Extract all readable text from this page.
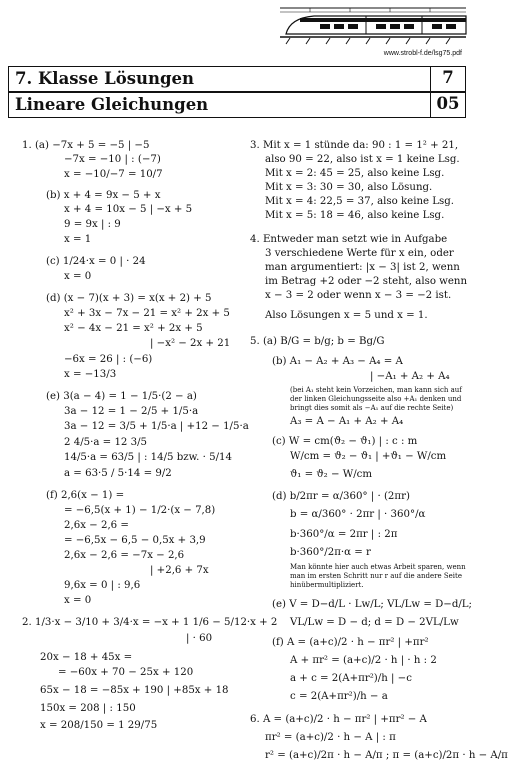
www.strobl-f.de/lsg75.pdf
7. Klasse Lösungen	7
Lineare Gleichungen	05
1. (a) −7x + 5 = −5 | −5
−7x = −10 | : (−7)
x = −10/−7 = 10/7
(b) x + 4 = 9x − 5 + x
x + 4 = 10x − 5 | −x + 5
9 = 9x | : 9
x = 1
(c) 1/24·x = 0 | · 24
x = 0
(d) (x − 7)(x + 3) = x(x + 2) + 5
x² + 3x − 7x − 21 = x² + 2x + 5
x² − 4x − 21 = x² + 2x + 5
| −x² − 2x + 21
−6x = 26 | : (−6)
x = −13/3
(e) 3(a − 4) = 1 − 1/5·(2 − a)
3a − 12 = 1 − 2/5 + 1/5·a
3a − 12 = 3/5 + 1/5·a | +12 − 1/5·a
2 4/5·a = 12 3/5
14/5·a = 63/5 | : 14/5 bzw. · 5/14
a = 63·5 / 5·14 = 9/2
(f) 2,6(x − 1) =
= −6,5(x + 1) − 1/2·(x − 7,8)
2,6x − 2,6 =
= −6,5x − 6,5 − 0,5x + 3,9
2,6x − 2,6 = −7x − 2,6
| +2,6 + 7x
9,6x = 0 | : 9,6
x = 0
2. 1/3·x − 3/10 + 3/4·x = −x + 1 1/6 − 5/12·x + 2
| · 60
20x − 18 + 45x =
= −60x + 70 − 25x + 120
65x − 18 = −85x + 190 | +85x + 18
150x = 208 | : 150
x = 208/150 = 1 29/75
3. Mit x = 1 stünde da: 90 : 1 = 1² + 21,
also 90 = 22, also ist x = 1 keine Lsg.
Mit x = 2: 45 = 25, also keine Lsg.
Mit x = 3: 30 = 30, also Lösung.
Mit x = 4: 22,5 = 37, also keine Lsg.
Mit x = 5: 18 = 46, also keine Lsg.
4. Entweder man setzt wie in Aufgabe
3 verschiedene Werte für x ein, oder
man argumentiert: |x − 3| ist 2, wenn
im Betrag +2 oder −2 steht, also wenn
x − 3 = 2 oder wenn x − 3 = −2 ist.
Also Lösungen x = 5 und x = 1.
5. (a) B/G = b/g; b = Bg/G
(b) A₁ − A₂ + A₃ − A₄ = A
| −A₁ + A₂ + A₄
(bei A₁ steht kein Vorzeichen, man kann sich auf
der linken Gleichungsseite also +A₁ denken und
bringt dies somit als −A₁ auf die rechte Seite)
A₃ = A − A₁ + A₂ + A₄
(c) W = cm(ϑ₂ − ϑ₁) | : c : m
W/cm = ϑ₂ − ϑ₁ | +ϑ₁ − W/cm
ϑ₁ = ϑ₂ − W/cm
(d) b/2πr = α/360° | · (2πr)
b = α/360° · 2πr | · 360°/α
b·360°/α = 2πr | : 2π
b·360°/2π·α = r
Man könnte hier auch etwas Arbeit sparen, wenn
man im ersten Schritt nur r auf die andere Seite
hinübermultipliziert.
(e) V = D−d/L · Lw/L; VL/Lw = D−d/L;
VL/Lw = D − d; d = D − 2VL/Lw
(f) A = (a+c)/2 · h − πr² | +πr²
A + πr² = (a+c)/2 · h | · h : 2
a + c = 2(A+πr²)/h | −c
c = 2(A+πr²)/h − a
6. A = (a+c)/2 · h − πr² | +πr² − A
πr² = (a+c)/2 · h − A | : π
r² = (a+c)/2π · h − A/π ; π = (a+c)/2π · h − A/π
